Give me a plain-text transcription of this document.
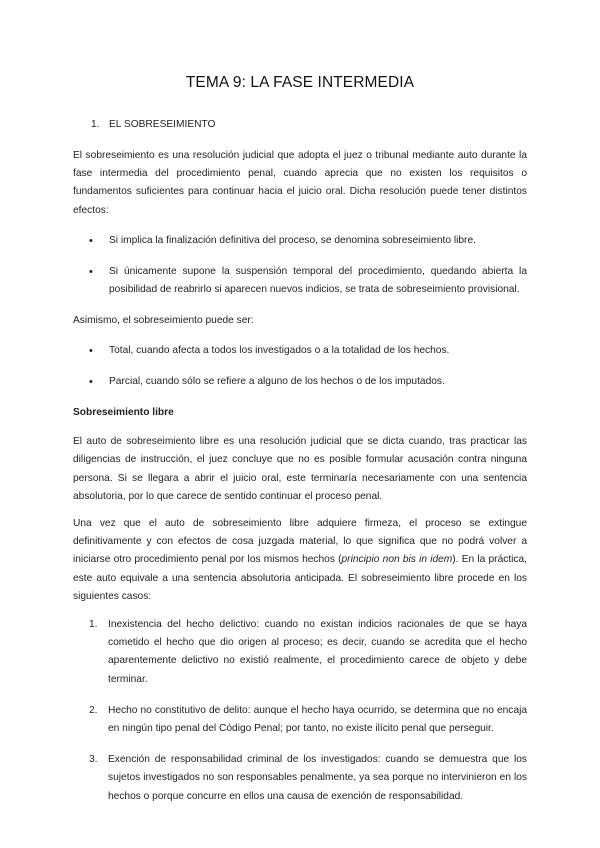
TEMA 9: LA FASE INTERMEDIA
1. EL SOBRESEIMIENTO

El sobreseimiento es una resolución judicial que adopta el juez o tribunal mediante auto durante la fase intermedia del procedimiento penal, cuando aprecia que no existen los requisitos o fundamentos suficientes para continuar hacia el juicio oral. Dicha resolución puede tener distintos efectos:

• Si implica la finalización definitiva del proceso, se denomina sobreseimiento libre.
• Si únicamente supone la suspensión temporal del procedimiento, quedando abierta la posibilidad de reabrirlo si aparecen nuevos indicios, se trata de sobreseimiento provisional.

Asimismo, el sobreseimiento puede ser:

• Total, cuando afecta a todos los investigados o a la totalidad de los hechos.
• Parcial, cuando sólo se refiere a alguno de los hechos o de los imputados.

Sobreseimiento libre

El auto de sobreseimiento libre es una resolución judicial que se dicta cuando, tras practicar las diligencias de instrucción, el juez concluye que no es posible formular acusación contra ninguna persona. Si se llegara a abrir el juicio oral, este terminaría necesariamente con una sentencia absolutoria, por lo que carece de sentido continuar el proceso penal.

Una vez que el auto de sobreseimiento libre adquiere firmeza, el proceso se extingue definitivamente y con efectos de cosa juzgada material, lo que significa que no podrá volver a iniciarse otro procedimiento penal por los mismos hechos (principio non bis in idem). En la práctica, este auto equivale a una sentencia absolutoria anticipada. El sobreseimiento libre procede en los siguientes casos:

1. Inexistencia del hecho delictivo: cuando no existan indicios racionales de que se haya cometido el hecho que dio origen al proceso; es decir, cuando se acredita que el hecho aparentemente delictivo no existió realmente, el procedimiento carece de objeto y debe terminar.
2. Hecho no constitutivo de delito: aunque el hecho haya ocurrido, se determina que no encaja en ningún tipo penal del Código Penal; por tanto, no existe ilícito penal que perseguir.
3. Exención de responsabilidad criminal de los investigados: cuando se demuestra que los sujetos investigados no son responsables penalmente, ya sea porque no intervinieron en los hechos o porque concurre en ellos una causa de exención de responsabilidad.
